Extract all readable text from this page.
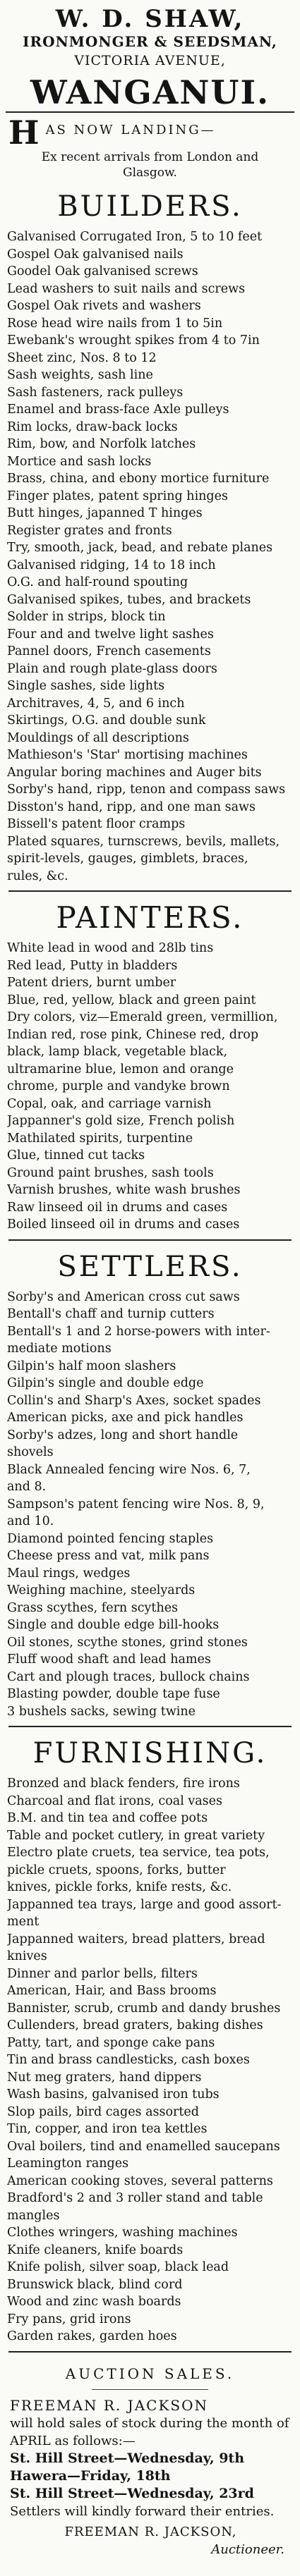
W. D. SHAW,
IRONMONGER & SEEDSMAN,
VICTORIA AVENUE,
WANGANUI.
H AS NOW LANDING—
Ex recent arrivals from London and Glasgow.
BUILDERS.
Galvanised Corrugated Iron, 5 to 10 feet
Gospel Oak galvanised nails
Goodel Oak galvanised screws
Lead washers to suit nails and screws
Gospel Oak rivets and washers
Rose head wire nails from 1 to 5in
Ewebank's wrought spikes from 4 to 7in
Sheet zinc, Nos. 8 to 12
Sash weights, sash line
Sash fasteners, rack pulleys
Enamel and brass-face Axle pulleys
Rim locks, draw-back locks
Rim, bow, and Norfolk latches
Mortice and sash locks
Brass, china, and ebony mortice furniture
Finger plates, patent spring hinges
Butt hinges, japanned T hinges
Register grates and fronts
Try, smooth, jack, bead, and rebate planes
Galvanised ridging, 14 to 18 inch
O.G. and half-round spouting
Galvanised spikes, tubes, and brackets
Solder in strips, block tin
Four and and twelve light sashes
Pannel doors, French casements
Plain and rough plate-glass doors
Single sashes, side lights
Architraves, 4, 5, and 6 inch
Skirtings, O.G. and double sunk
Mouldings of all descriptions
Mathieson's 'Star' mortising machines
Angular boring machines and Auger bits
Sorby's hand, ripp, tenon and compass saws
Disston's hand, ripp, and one man saws
Bissell's patent floor cramps
Plated squares, turnscrews, bevils, mallets,
spirit-levels, gauges, gimblets, braces,
rules, &c.
PAINTERS.
White lead in wood and 28lb tins
Red lead, Putty in bladders
Patent driers, burnt umber
Blue, red, yellow, black and green paint
Dry colors, viz—Emerald green, vermillion,
Indian red, rose pink, Chinese red, drop
black, lamp black, vegetable black,
ultramarine blue, lemon and orange
chrome, purple and vandyke brown
Copal, oak, and carriage varnish
Jappanner's gold size, French polish
Mathilated spirits, turpentine
Glue, tinned cut tacks
Ground paint brushes, sash tools
Varnish brushes, white wash brushes
Raw linseed oil in drums and cases
Boiled linseed oil in drums and cases
SETTLERS.
Sorby's and American cross cut saws
Bentall's chaff and turnip cutters
Bentall's 1 and 2 horse-powers with inter-
mediate motions
Gilpin's half moon slashers
Gilpin's single and double edge
Collin's and Sharp's Axes, socket spades
American picks, axe and pick handles
Sorby's adzes, long and short handle
shovels
Black Annealed fencing wire Nos. 6, 7,
and 8.
Sampson's patent fencing wire Nos. 8, 9,
and 10.
Diamond pointed fencing staples
Cheese press and vat, milk pans
Maul rings, wedges
Weighing machine, steelyards
Grass scythes, fern scythes
Single and double edge bill-hooks
Oil stones, scythe stones, grind stones
Fluff wood shaft and lead hames
Cart and plough traces, bullock chains
Blasting powder, double tape fuse
3 bushels sacks, sewing twine
FURNISHING.
Bronzed and black fenders, fire irons
Charcoal and flat irons, coal vases
B.M. and tin tea and coffee pots
Table and pocket cutlery, in great variety
Electro plate cruets, tea service, tea pots,
pickle cruets, spoons, forks, butter
knives, pickle forks, knife rests, &c.
Jappanned tea trays, large and good assort-
ment
Jappanned waiters, bread platters, bread
knives
Dinner and parlor bells, filters
American, Hair, and Bass brooms
Bannister, scrub, crumb and dandy brushes
Cullenders, bread graters, baking dishes
Patty, tart, and sponge cake pans
Tin and brass candlesticks, cash boxes
Nut meg graters, hand dippers
Wash basins, galvanised iron tubs
Slop pails, bird cages assorted
Tin, copper, and iron tea kettles
Oval boilers, tind and enamelled saucepans
Leamington ranges
American cooking stoves, several patterns
Bradford's 2 and 3 roller stand and table
mangles
Clothes wringers, washing machines
Knife cleaners, knife boards
Knife polish, silver soap, black lead
Brunswick black, blind cord
Wood and zinc wash boards
Fry pans, grid irons
Garden rakes, garden hoes
AUCTION SALES.

FREEMAN R. JACKSON

will hold sales of stock during the month of APRIL as follows:—

St. Hill Street—Wednesday, 9th

Hawera—Friday, 18th

St. Hill Street—Wednesday, 23rd

Settlers will kindly forward their entries.

FREEMAN R. JACKSON,

Auctioneer.
